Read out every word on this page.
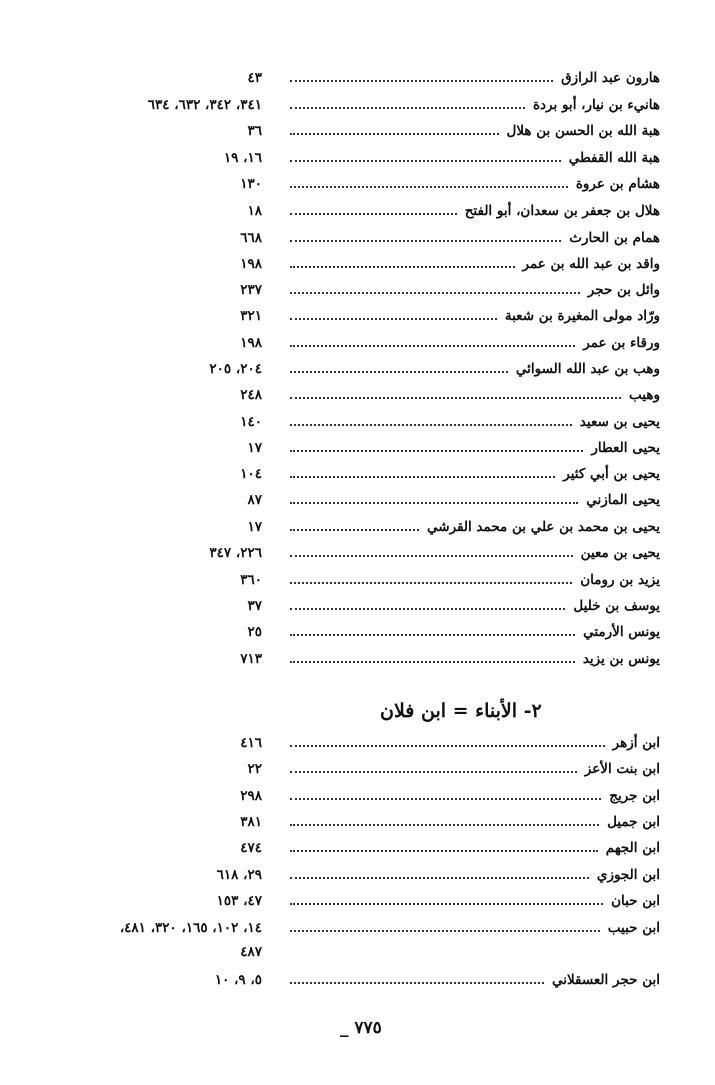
٤٣	هارون عبد الرازق
٣٤١، ٣٤٢، ٦٣٢، ٦٣٤	هانيء بن نيار، أبو بردة
٣٦	هبة الله بن الحسن بن هلال
١٦، ١٩	هبة الله القفطي
١٣٠	هشام بن عروة
١٨	هلال بن جعفر بن سعدان، أبو الفتح
٦٦٨	همام بن الحارث
١٩٨	واقد بن عبد الله بن عمر
٢٣٧	وائل بن حجر
٣٢١	ورّاد مولى المغيرة بن شعبة
١٩٨	ورقاء بن عمر
٢٠٤، ٢٠٥	وهب بن عبد الله السوائي
٢٤٨	وهيب
١٤٠	يحيى بن سعيد
١٧	يحيى العطار
١٠٤	يحيى بن أبي كثير
٨٧	يحيى المازني
١٧	يحيى بن محمد بن علي بن محمد القرشي
٢٢٦، ٣٤٧	يحيى بن معين
٣٦٠	يزيد بن رومان
٣٧	يوسف بن خليل
٢٥	يونس الأرمتي
٧١٣	يونس بن يزيد
٢- الأبناء = ابن فلان
٤١٦	ابن أزهر
٢٢	ابن بنت الأعز
٢٩٨	ابن جريج
٣٨١	ابن جميل
٤٧٤	ابن الجهم
٢٩، ٦١٨	ابن الجوزي
٤٧، ١٥٣	ابن حبان
١٤، ١٠٢، ١٦٥، ٣٢٠، ٤٨١،	ابن حبيب
٤٨٧
٥، ٩، ١٠	ابن حجر العسقلاني
_ ٧٧٥
